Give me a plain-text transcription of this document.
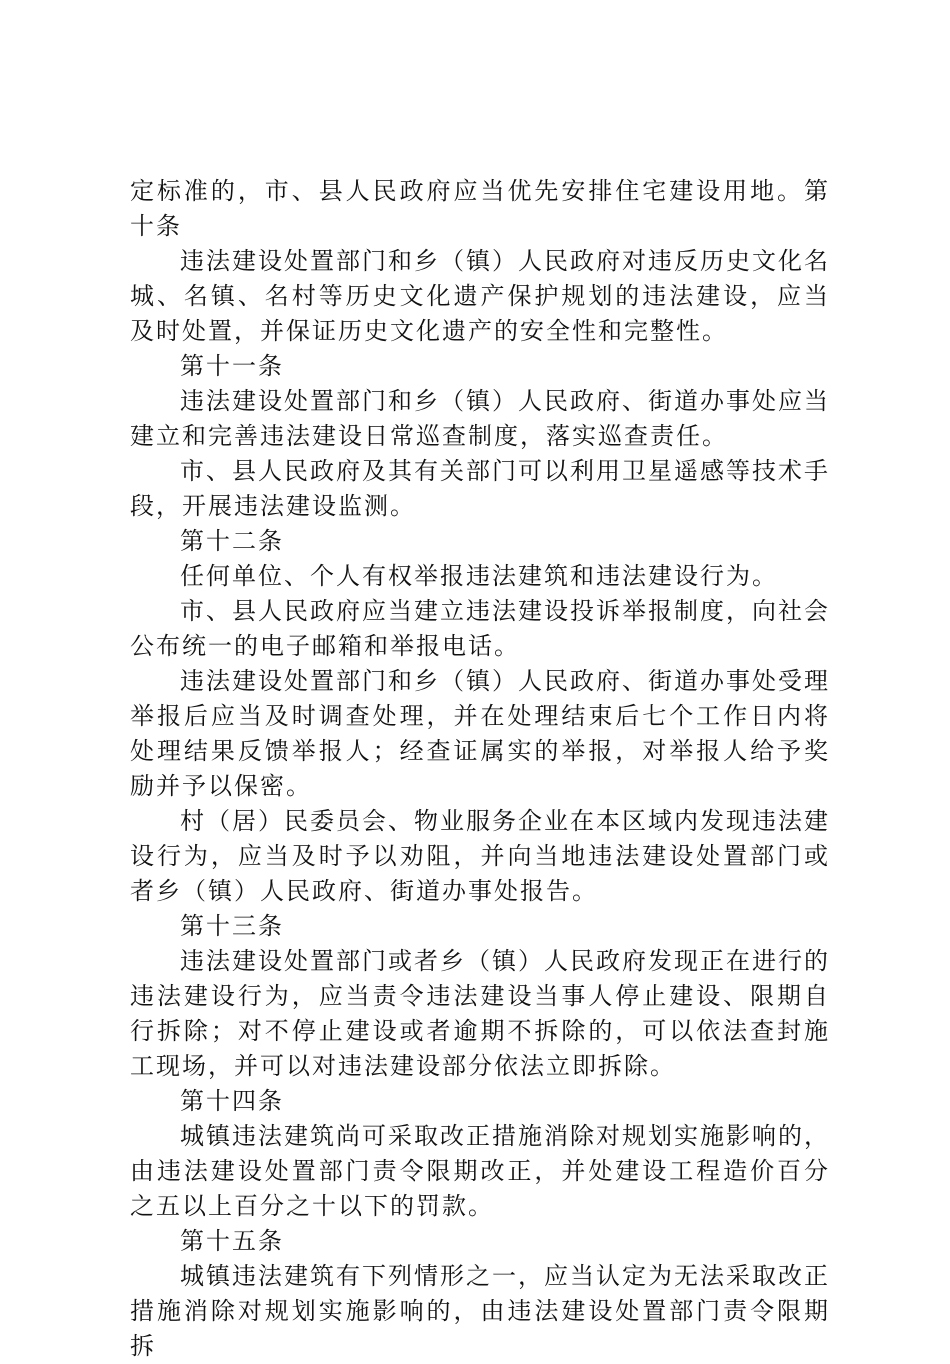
定标准的，市、县人民政府应当优先安排住宅建设用地。第十条

违法建设处置部门和乡（镇）人民政府对违反历史文化名城、名镇、名村等历史文化遗产保护规划的违法建设，应当及时处置，并保证历史文化遗产的安全性和完整性。

第十一条

违法建设处置部门和乡（镇）人民政府、街道办事处应当建立和完善违法建设日常巡查制度，落实巡查责任。

市、县人民政府及其有关部门可以利用卫星遥感等技术手段，开展违法建设监测。

第十二条

任何单位、个人有权举报违法建筑和违法建设行为。

市、县人民政府应当建立违法建设投诉举报制度，向社会公布统一的电子邮箱和举报电话。

违法建设处置部门和乡（镇）人民政府、街道办事处受理举报后应当及时调查处理，并在处理结束后七个工作日内将处理结果反馈举报人；经查证属实的举报，对举报人给予奖励并予以保密。

村（居）民委员会、物业服务企业在本区域内发现违法建设行为，应当及时予以劝阻，并向当地违法建设处置部门或者乡（镇）人民政府、街道办事处报告。

第十三条

违法建设处置部门或者乡（镇）人民政府发现正在进行的违法建设行为，应当责令违法建设当事人停止建设、限期自行拆除；对不停止建设或者逾期不拆除的，可以依法查封施工现场，并可以对违法建设部分依法立即拆除。

第十四条

城镇违法建筑尚可采取改正措施消除对规划实施影响的，由违法建设处置部门责令限期改正，并处建设工程造价百分之五以上百分之十以下的罚款。

第十五条

城镇违法建筑有下列情形之一，应当认定为无法采取改正措施消除对规划实施影响的，由违法建设处置部门责令限期拆
